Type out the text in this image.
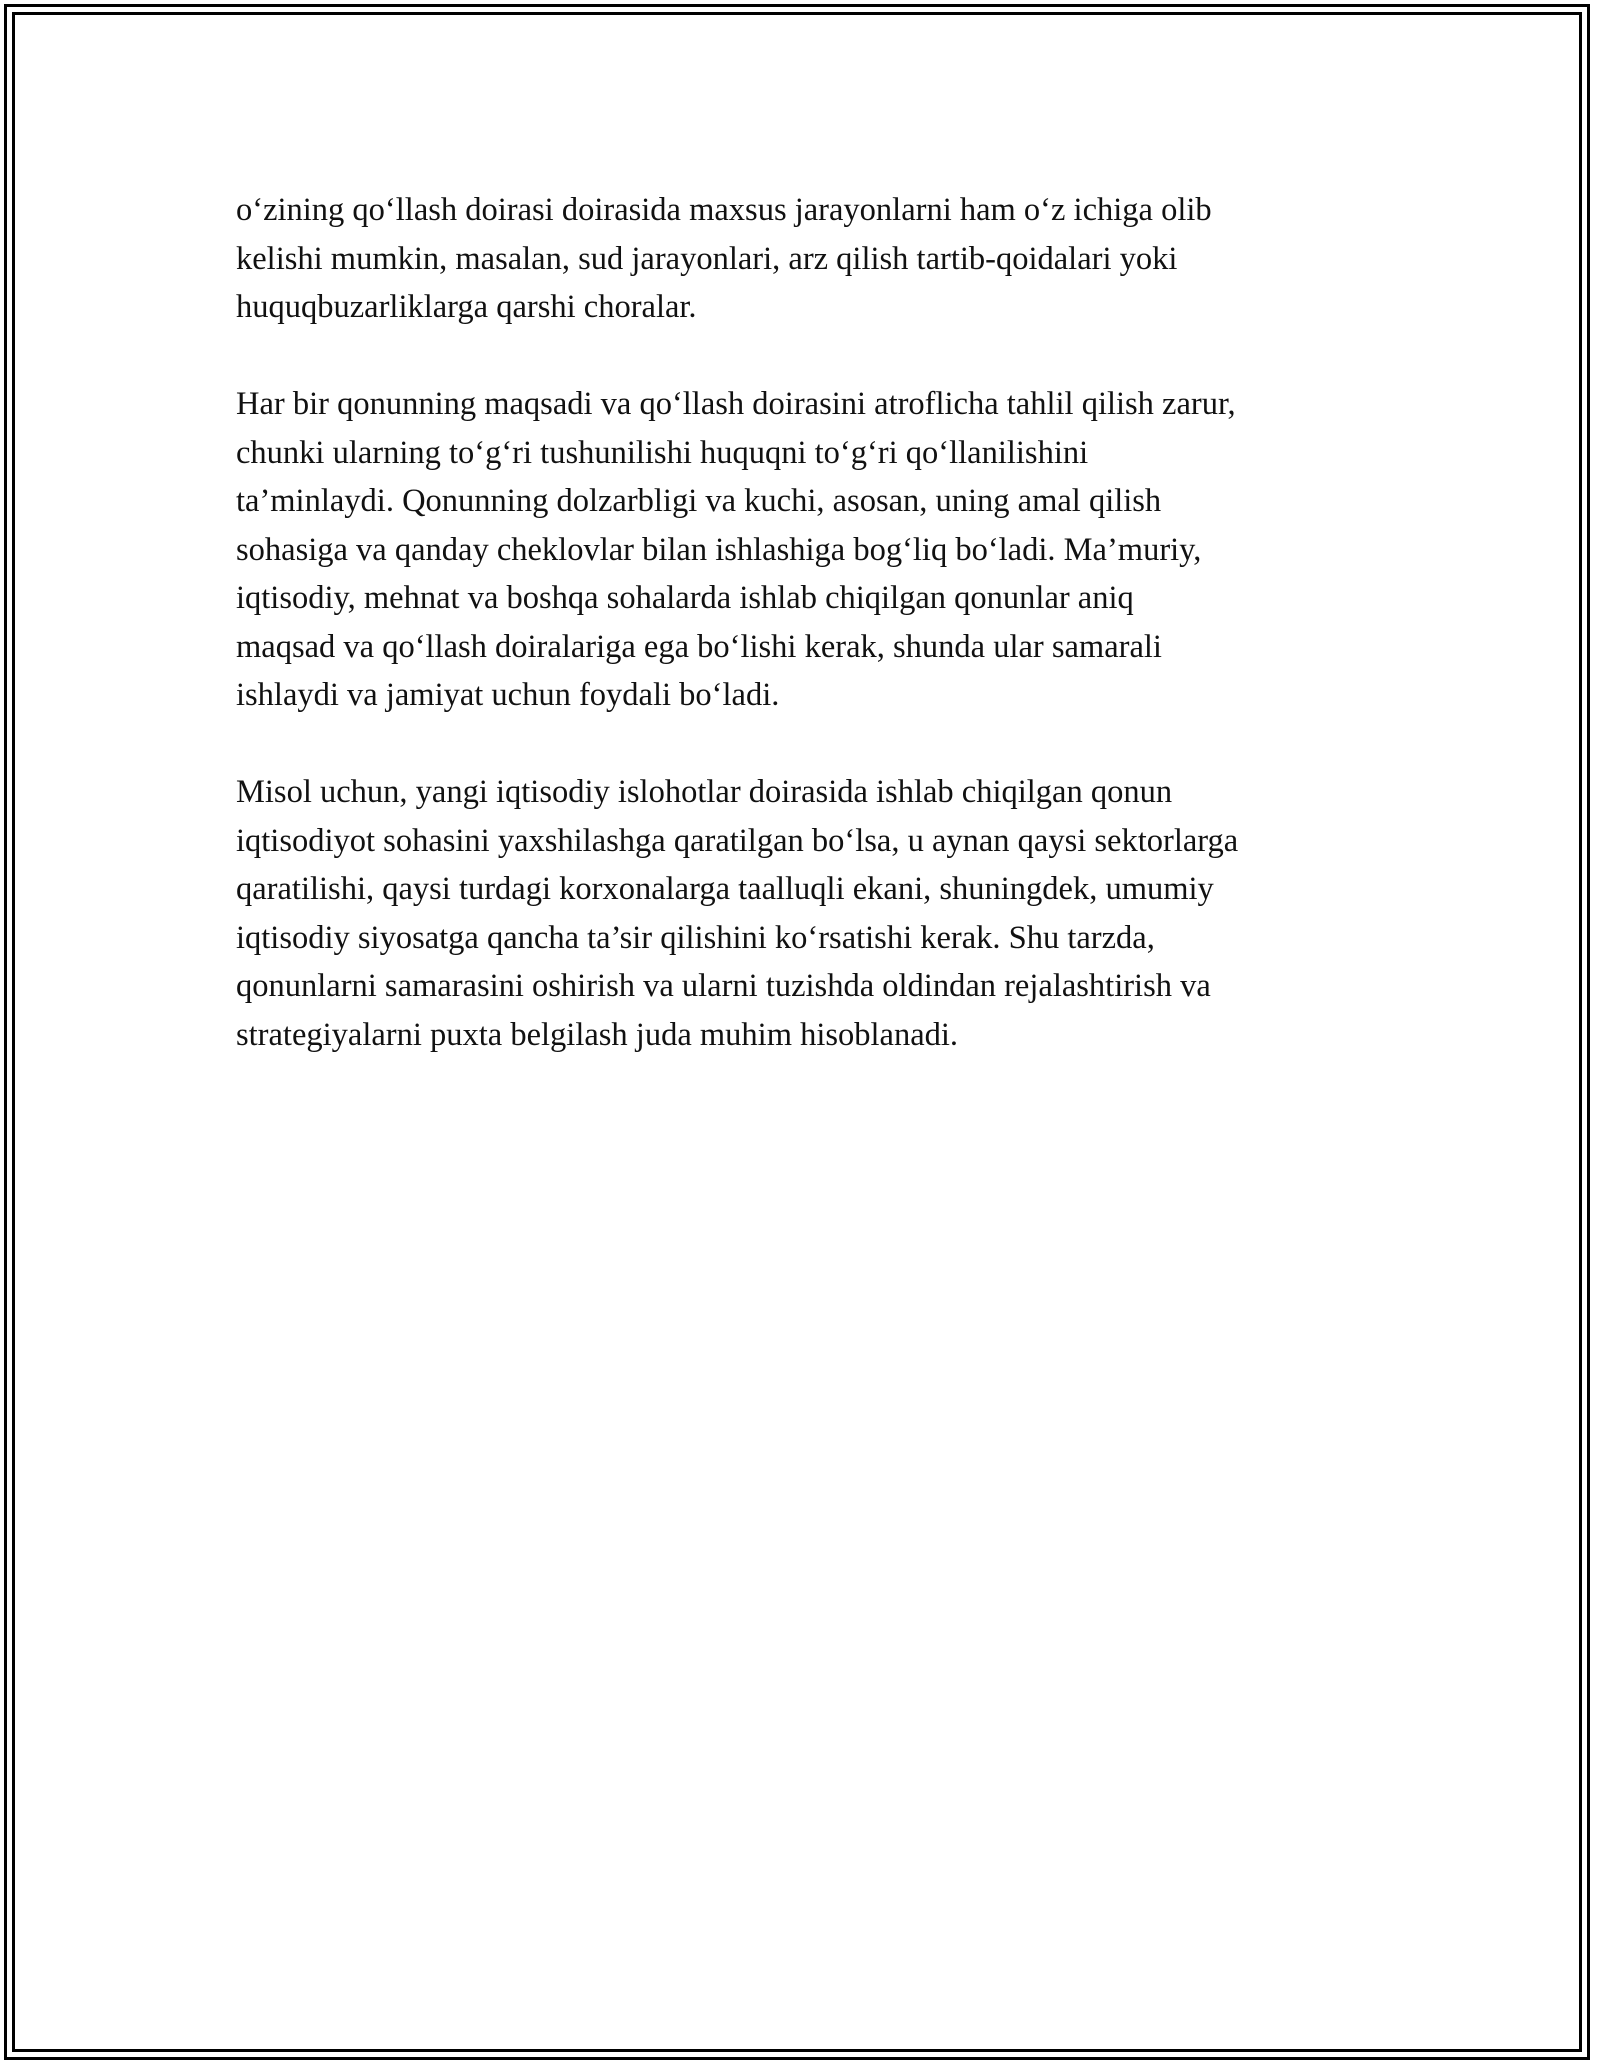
o‘zining qo‘llash doirasi doirasida maxsus jarayonlarni ham o‘z ichiga olib
kelishi mumkin, masalan, sud jarayonlari, arz qilish tartib-qoidalari yoki
huquqbuzarliklarga qarshi choralar.

Har bir qonunning maqsadi va qo‘llash doirasini atroflicha tahlil qilish zarur,
chunki ularning to‘g‘ri tushunilishi huquqni to‘g‘ri qo‘llanilishini
ta’minlaydi. Qonunning dolzarbligi va kuchi, asosan, uning amal qilish
sohasiga va qanday cheklovlar bilan ishlashiga bog‘liq bo‘ladi. Ma’muriy,
iqtisodiy, mehnat va boshqa sohalarda ishlab chiqilgan qonunlar aniq
maqsad va qo‘llash doiralariga ega bo‘lishi kerak, shunda ular samarali
ishlaydi va jamiyat uchun foydali bo‘ladi.

Misol uchun, yangi iqtisodiy islohotlar doirasida ishlab chiqilgan qonun
iqtisodiyot sohasini yaxshilashga qaratilgan bo‘lsa, u aynan qaysi sektorlarga
qaratilishi, qaysi turdagi korxonalarga taalluqli ekani, shuningdek, umumiy
iqtisodiy siyosatga qancha ta’sir qilishini ko‘rsatishi kerak. Shu tarzda,
qonunlarni samarasini oshirish va ularni tuzishda oldindan rejalashtirish va
strategiyalarni puxta belgilash juda muhim hisoblanadi.
